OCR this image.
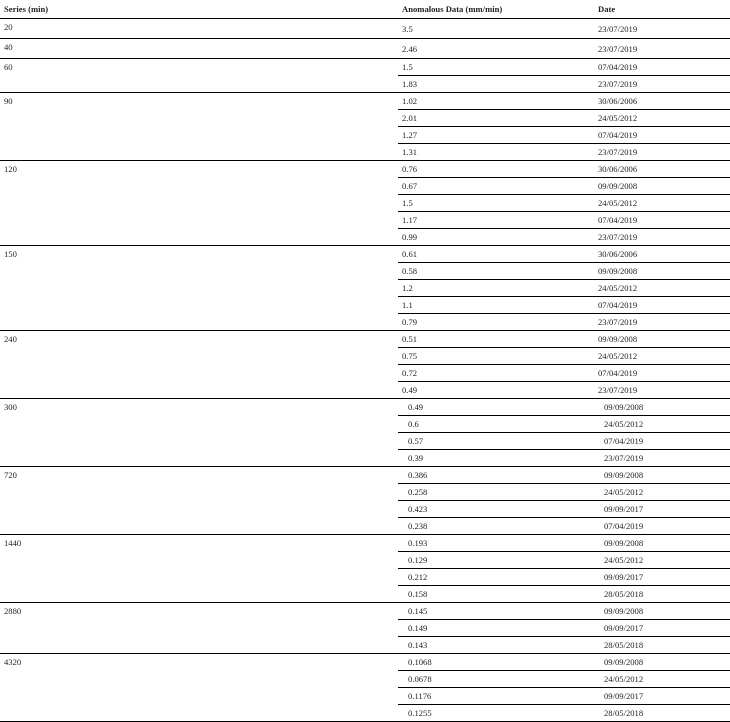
Series (min)	Anomalous Data (mm/min)	Date
20	3.5	23/07/2019
40	2.46	23/07/2019
60	1.5	07/04/2019
	1.83	23/07/2019
90	1.02	30/06/2006
	2.01	24/05/2012
	1.27	07/04/2019
	1.31	23/07/2019
120	0.76	30/06/2006
	0.67	09/09/2008
	1.5	24/05/2012
	1.17	07/04/2019
	0.99	23/07/2019
150	0.61	30/06/2006
	0.58	09/09/2008
	1.2	24/05/2012
	1.1	07/04/2019
	0.79	23/07/2019
240	0.51	09/09/2008
	0.75	24/05/2012
	0.72	07/04/2019
	0.49	23/07/2019
300	0.49	09/09/2008
	0.6	24/05/2012
	0.57	07/04/2019
	0.39	23/07/2019
720	0.386	09/09/2008
	0.258	24/05/2012
	0.423	09/09/2017
	0.238	07/04/2019
1440	0.193	09/09/2008
	0.129	24/05/2012
	0.212	09/09/2017
	0.158	28/05/2018
2880	0.145	09/09/2008
	0.149	09/09/2017
	0.143	28/05/2018
4320	0.1068	09/09/2008
	0.0678	24/05/2012
	0.1176	09/09/2017
	0.1255	28/05/2018
